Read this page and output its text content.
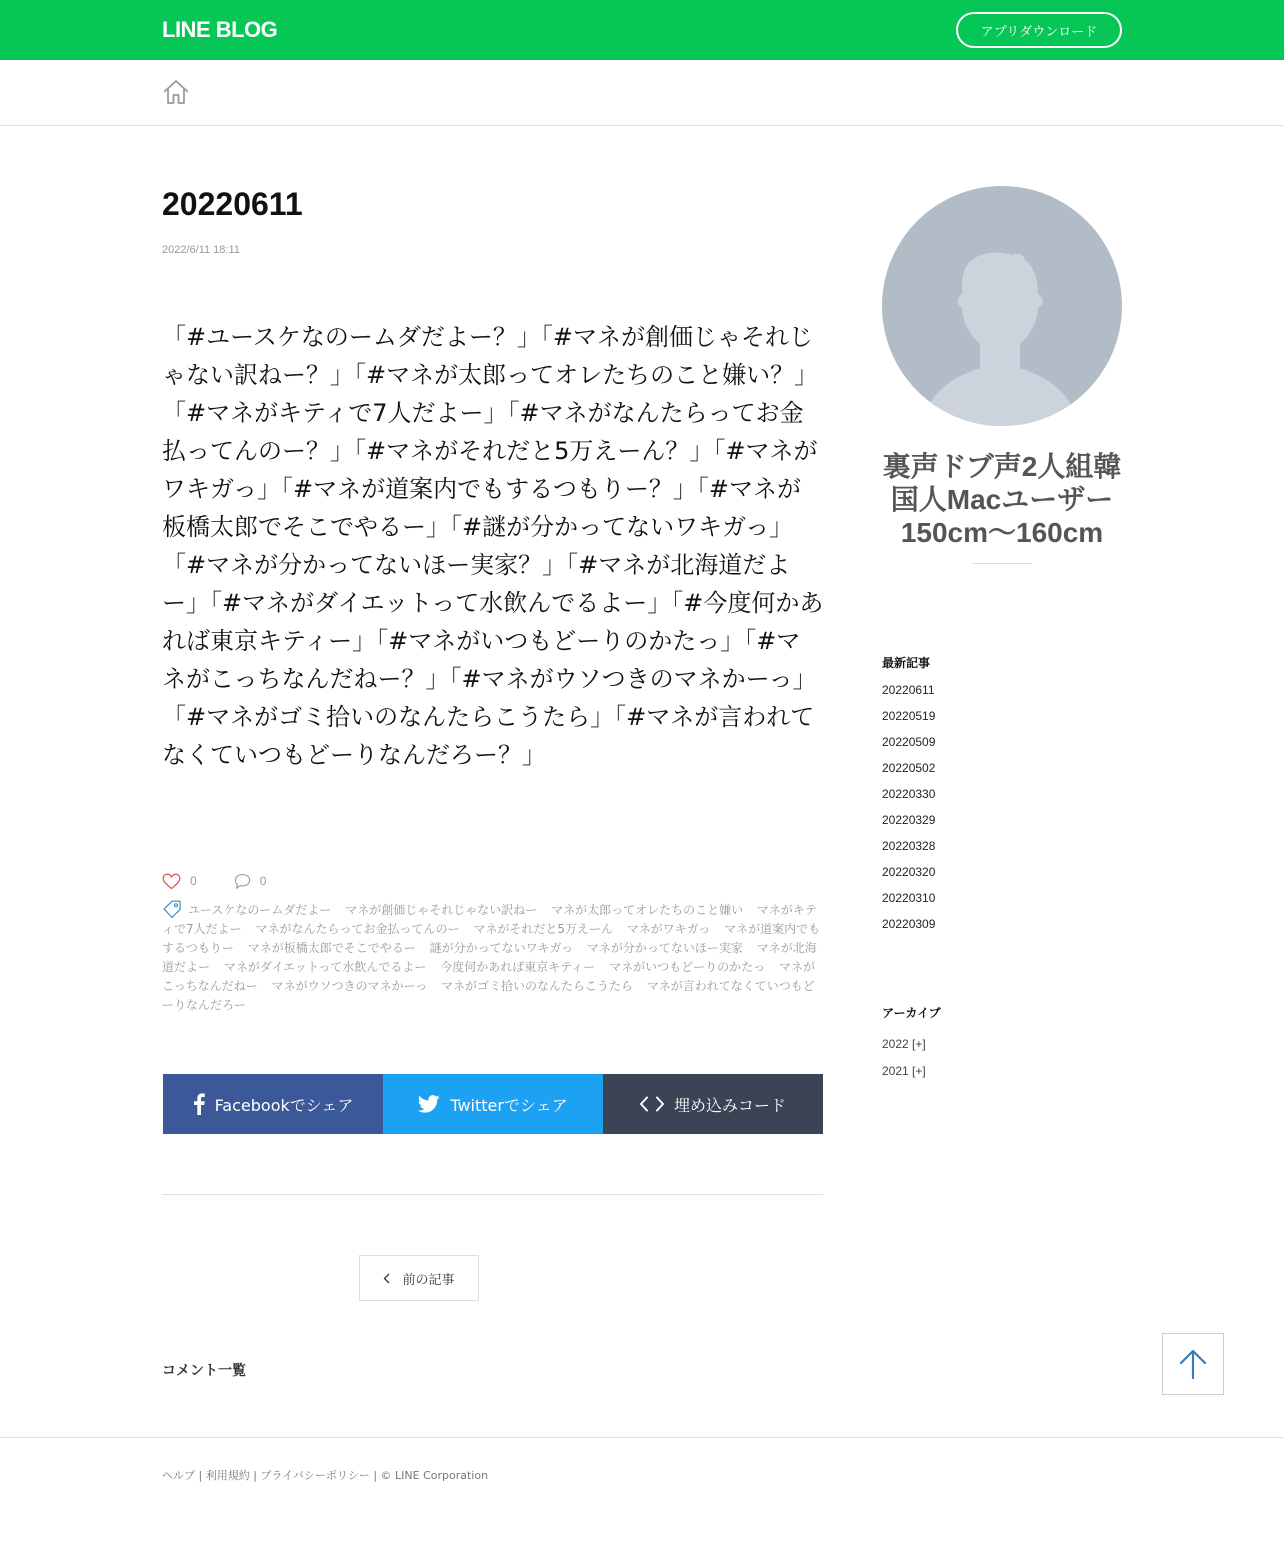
LINE BLOG	アプリダウンロード
20220611
2022/6/11 18:11
「#ユースケなのームダだよー？」「#マネが創価じゃそれじゃない訳ねー？」「#マネが太郎ってオレたちのこと嫌い？」「#マネがキティで7人だよー」「#マネがなんたらってお金払ってんのー？」「#マネがそれだと5万えーん？」「#マネがワキガっ」「#マネが道案内でもするつもりー？」「#マネが板橋太郎でそこでやるー」「#謎が分かってないワキガっ」「#マネが分かってないほー実家？」「#マネが北海道だよー」「#マネがダイエットって水飲んでるよー」「#今度何かあれば東京キティー」「#マネがいつもどーりのかたっ」「#マネがこっちなんだねー？」「#マネがウソつきのマネかーっ」「#マネがゴミ拾いのなんたらこうたら」「#マネが言われてなくていつもどーりなんだろー？」
0	0
ユースケなのームダだよー マネが創価じゃそれじゃない訳ねー マネが太郎ってオレたちのこと嫌い マネがキティで7人だよー マネがなんたらってお金払ってんのー マネがそれだと5万えーん マネがワキガっ マネが道案内でもするつもりー マネが板橋太郎でそこでやるー 謎が分かってないワキガっ マネが分かってないほー実家 マネが北海道だよー マネがダイエットって水飲んでるよー 今度何かあれば東京キティー マネがいつもどーりのかたっ マネがこっちなんだねー マネがウソつきのマネかーっ マネがゴミ拾いのなんたらこうたら マネが言われてなくていつもどーりなんだろー
Facebookでシェア	Twitterでシェア	埋め込みコード
前の記事
コメント一覧
裏声ドブ声2人組韓国人Macユーザー150cm〜160cm
最新記事
20220611
20220519
20220509
20220502
20220330
20220329
20220328
20220320
20220310
20220309
アーカイブ
2022 [+]
2021 [+]
ヘルプ | 利用規約 | プライバシーポリシー | © LINE Corporation
